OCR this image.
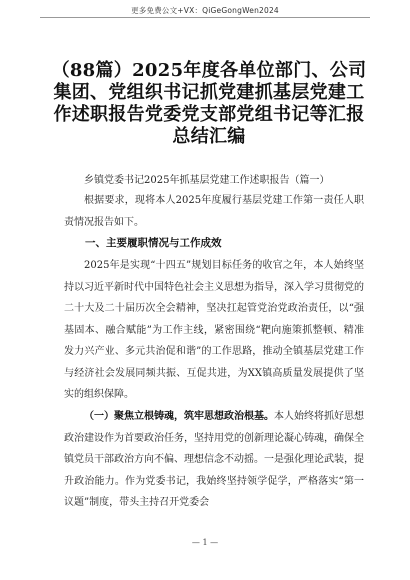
更多免费公文+VX：QiGeGongWen2024
（88篇）2025年度各单位部门、公司集团、党组织书记抓党建抓基层党建工作述职报告党委党支部党组书记等汇报总结汇编
乡镇党委书记2025年抓基层党建工作述职报告（篇一）
根据要求，现将本人2025年度履行基层党建工作第一责任人职责情况报告如下。
一、主要履职情况与工作成效
2025年是实现“十四五”规划目标任务的收官之年，本人始终坚持以习近平新时代中国特色社会主义思想为指导，深入学习贯彻党的二十大及二十届历次全会精神，坚决扛起管党治党政治责任，以“强基固本、融合赋能”为工作主线，紧密围绕“靶向施策抓整顿、精准发力兴产业、多元共治促和谐”的工作思路，推动全镇基层党建工作与经济社会发展同频共振、互促共进，为XX镇高质量发展提供了坚实的组织保障。
（一）聚焦立根铸魂，筑牢思想政治根基。本人始终将抓好思想政治建设作为首要政治任务，坚持用党的创新理论凝心铸魂，确保全镇党员干部政治方向不偏、理想信念不动摇。一是强化理论武装，提升政治能力。作为党委书记，我始终坚持领学促学，严格落实“第一议题”制度，带头主持召开党委会
— 1 —
